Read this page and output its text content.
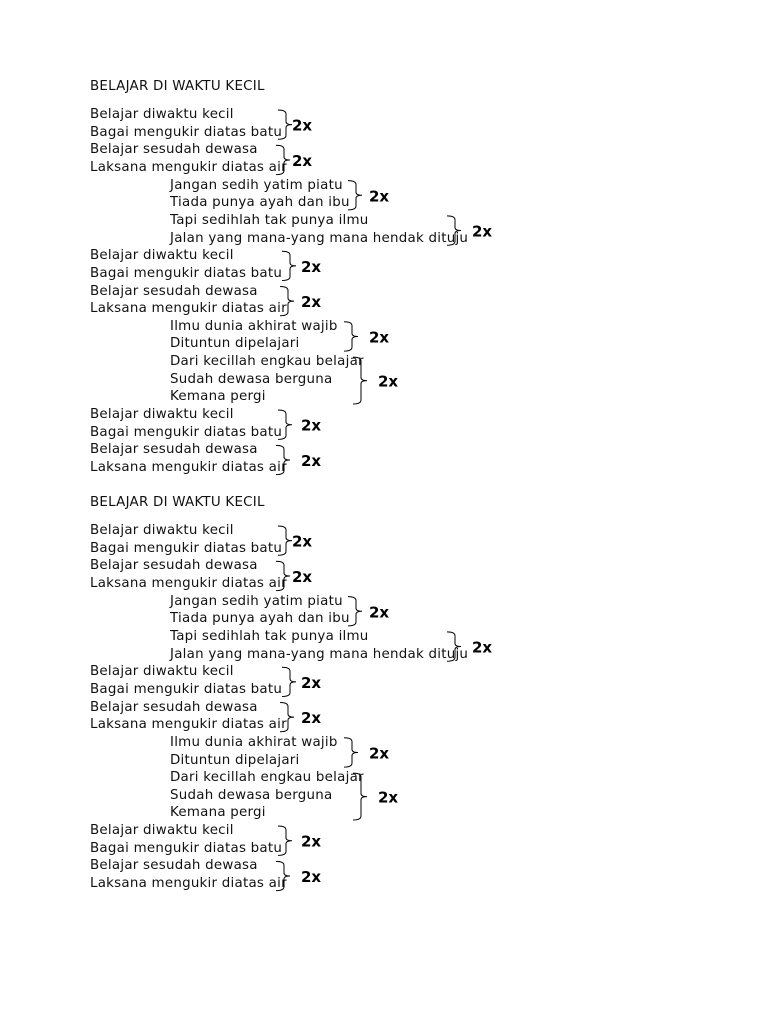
BELAJAR DI WAKTU KECIL
Belajar diwaktu kecil
Bagai mengukir diatas batu
Belajar sesudah dewasa
Laksana mengukir diatas air
Jangan sedih yatim piatu
Tiada punya ayah dan ibu
Tapi sedihlah tak punya ilmu
Jalan yang mana-yang mana hendak dituju
Belajar diwaktu kecil
Bagai mengukir diatas batu
Belajar sesudah dewasa
Laksana mengukir diatas air
Ilmu dunia akhirat wajib
Dituntun dipelajari
Dari kecillah engkau belajar
Sudah dewasa berguna
Kemana pergi
Belajar diwaktu kecil
Bagai mengukir diatas batu
Belajar sesudah dewasa
Laksana mengukir diatas air
BELAJAR DI WAKTU KECIL
Belajar diwaktu kecil
Bagai mengukir diatas batu
Belajar sesudah dewasa
Laksana mengukir diatas air
Jangan sedih yatim piatu
Tiada punya ayah dan ibu
Tapi sedihlah tak punya ilmu
Jalan yang mana-yang mana hendak dituju
Belajar diwaktu kecil
Bagai mengukir diatas batu
Belajar sesudah dewasa
Laksana mengukir diatas air
Ilmu dunia akhirat wajib
Dituntun dipelajari
Dari kecillah engkau belajar
Sudah dewasa berguna
Kemana pergi
Belajar diwaktu kecil
Bagai mengukir diatas batu
Belajar sesudah dewasa
Laksana mengukir diatas air
2x
2x
2x
2x
2x
2x
2x
2x
2x
2x
2x
2x
2x
2x
2x
2x
2x
2x
2x
2x
